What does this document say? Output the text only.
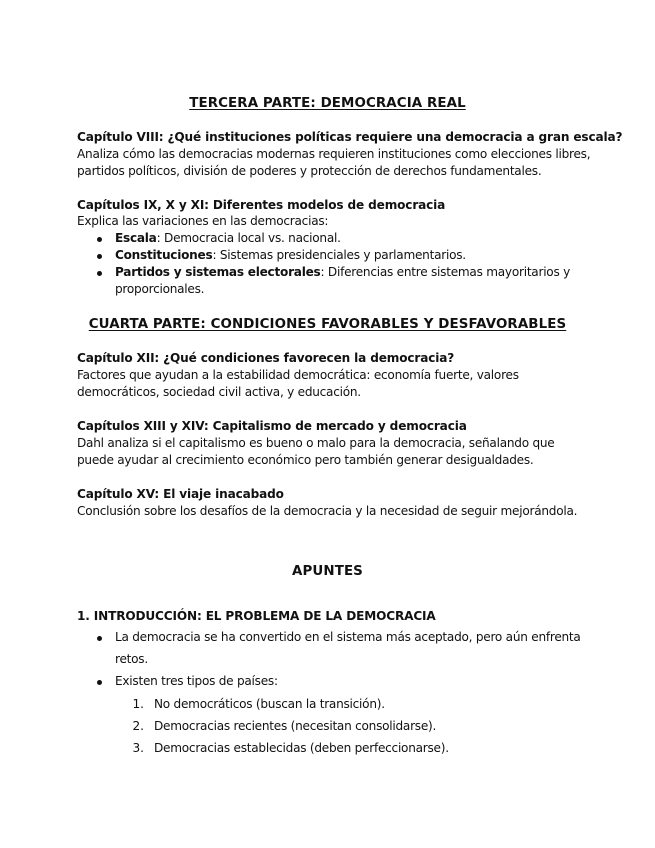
TERCERA PARTE: DEMOCRACIA REAL
Capítulo VIII: ¿Qué instituciones políticas requiere una democracia a gran escala?
Analiza cómo las democracias modernas requieren instituciones como elecciones libres,
partidos políticos, división de poderes y protección de derechos fundamentales.
Capítulos IX, X y XI: Diferentes modelos de democracia
Explica las variaciones en las democracias:
Escala: Democracia local vs. nacional.
Constituciones: Sistemas presidenciales y parlamentarios.
Partidos y sistemas electorales: Diferencias entre sistemas mayoritarios y
proporcionales.
CUARTA PARTE: CONDICIONES FAVORABLES Y DESFAVORABLES
Capítulo XII: ¿Qué condiciones favorecen la democracia?
Factores que ayudan a la estabilidad democrática: economía fuerte, valores
democráticos, sociedad civil activa, y educación.
Capítulos XIII y XIV: Capitalismo de mercado y democracia
Dahl analiza si el capitalismo es bueno o malo para la democracia, señalando que
puede ayudar al crecimiento económico pero también generar desigualdades.
Capítulo XV: El viaje inacabado
Conclusión sobre los desafíos de la democracia y la necesidad de seguir mejorándola.
APUNTES
1. INTRODUCCIÓN: EL PROBLEMA DE LA DEMOCRACIA
La democracia se ha convertido en el sistema más aceptado, pero aún enfrenta
retos.
Existen tres tipos de países:
1. No democráticos (buscan la transición).
2. Democracias recientes (necesitan consolidarse).
3. Democracias establecidas (deben perfeccionarse).
